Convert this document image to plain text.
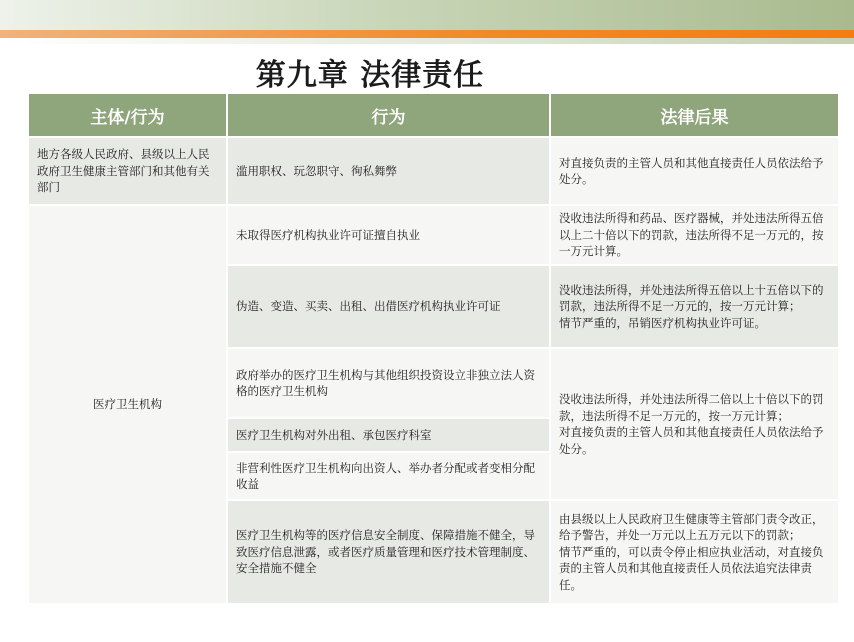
第九章 法律责任
主体/行为	行为	法律后果
地方各级人民政府、县级以上人民政府卫生健康主管部门和其他有关部门	滥用职权、玩忽职守、徇私舞弊	对直接负责的主管人员和其他直接责任人员依法给予处分。
医疗卫生机构	未取得医疗机构执业许可证擅自执业	没收违法所得和药品、医疗器械，并处违法所得五倍以上二十倍以下的罚款，违法所得不足一万元的，按一万元计算。
	伪造、变造、买卖、出租、出借医疗机构执业许可证	没收违法所得，并处违法所得五倍以上十五倍以下的罚款，违法所得不足一万元的，按一万元计算；
情节严重的，吊销医疗机构执业许可证。
	政府举办的医疗卫生机构与其他组织投资设立非独立法人资格的医疗卫生机构	没收违法所得，并处违法所得二倍以上十倍以下的罚款，违法所得不足一万元的，按一万元计算；
对直接负责的主管人员和其他直接责任人员依法给予处分。
	医疗卫生机构对外出租、承包医疗科室	
	非营利性医疗卫生机构向出资人、举办者分配或者变相分配收益	
	医疗卫生机构等的医疗信息安全制度、保障措施不健全，导致医疗信息泄露，或者医疗质量管理和医疗技术管理制度、安全措施不健全	由县级以上人民政府卫生健康等主管部门责令改正，给予警告，并处一万元以上五万元以下的罚款；
情节严重的，可以责令停止相应执业活动，对直接负责的主管人员和其他直接责任人员依法追究法律责任。
